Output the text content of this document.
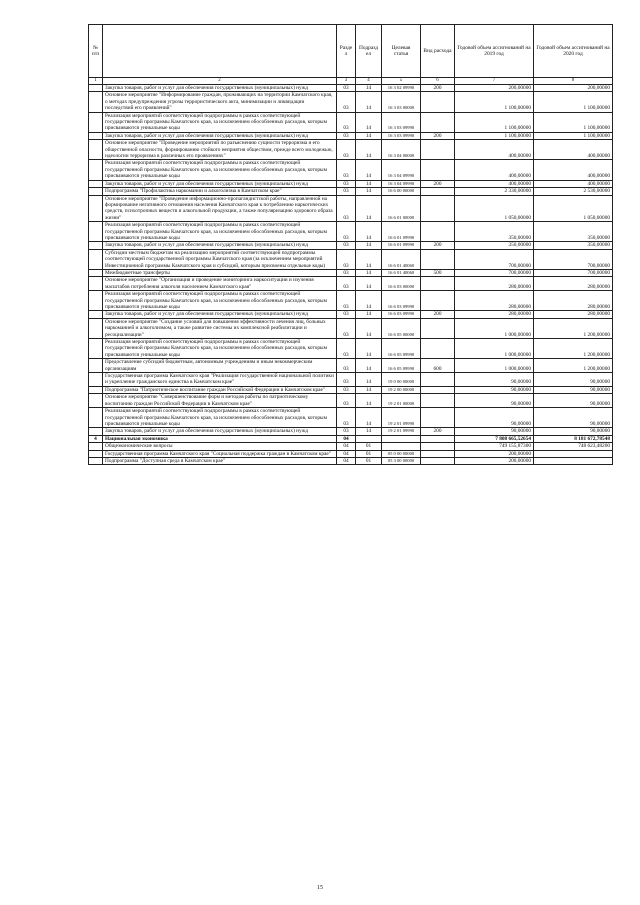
№ п/п		Раздел	Подраздел	Целевая статья	Вид расхода	Годовой объем ассигнований на 2019 год	Годовой объем ассигнований на 2020 год
1	2	3	4	5	6	7	8
	Закупка товаров, работ и услуг для обеспечения государственных (муниципальных) нужд	03	14	16 3 02 09990	200	200,00000	200,00000
	Основное мероприятие "Информирование граждан, проживающих на территории Камчатского края, о методах предупреждения угрозы террористического акта, минимизации и ликвидации последствий его проявлений"	03	14	16 3 03 00000		1 100,00000	1 100,00000
	Реализация мероприятий соответствующей подпрограммы в рамках соответствующей государственной программы Камчатского края, за исключением обособленных расходов, которым присваиваются уникальные коды	03	14	16 3 03 09990		1 100,00000	1 100,00000
	Закупка товаров, работ и услуг для обеспечения государственных (муниципальных) нужд	03	14	16 3 03 09990	200	1 100,00000	1 100,00000
	Основное мероприятие "Проведение мероприятий по разъяснению сущности терроризма и его общественной опасности, формированию стойкого неприятия обществом, прежде всего молодежью, идеологии терроризма в различных его проявлениях"	03	14	16 3 04 00000		400,00000	400,00000
	Реализация мероприятий соответствующей подпрограммы в рамках соответствующей государственной программы Камчатского края, за исключением обособленных расходов, которым присваиваются уникальные коды	03	14	16 3 04 09990		400,00000	400,00000
	Закупка товаров, работ и услуг для обеспечения государственных (муниципальных) нужд	03	14	16 3 04 09990	200	400,00000	400,00000
	Подпрограмма "Профилактика наркомании и алкоголизма в Камчатском крае"	03	14	16 6 00 00000		2 330,00000	2 530,00000
	Основное мероприятие "Проведение информационно-пропагандистской работы, направленной на формирование негативного отношения населения Камчатского края к потреблению наркотических средств, психотропных веществ и алкогольной продукции, а также популяризацию здорового образа жизни"	03	14	16 6 01 00000		1 050,00000	1 050,00000
	Реализация мероприятий соответствующей подпрограммы в рамках соответствующей государственной программы Камчатского края, за исключением обособленных расходов, которым присваиваются уникальные коды	03	14	16 6 01 09990		350,00000	350,00000
	Закупка товаров, работ и услуг для обеспечения государственных (муниципальных) нужд	03	14	16 6 01 09990	200	350,00000	350,00000
	Субсидии местным бюджетам на реализацию мероприятий соответствующей подпрограммы соответствующей государственной программы Камчатского края (за исключением мероприятий Инвестиционной программы Камчатского края и субсидий, которым присвоены отдельные коды)	03	14	16 6 01 40060		700,00000	700,00000
	Межбюджетные трансферты	03	14	16 6 01 40060	500	700,00000	700,00000
	Основное мероприятие "Организация и проведение мониторинга наркоситуации и изучения масштабов потребления алкоголя населением Камчатского края"	03	14	16 6 03 00000		280,00000	280,00000
	Реализация мероприятий соответствующей подпрограммы в рамках соответствующей государственной программы Камчатского края, за исключением обособленных расходов, которым присваиваются уникальные коды	03	14	16 6 03 09990		280,00000	280,00000
	Закупка товаров, работ и услуг для обеспечения государственных (муниципальных) нужд	03	14	16 6 03 09990	200	280,00000	280,00000
	Основное мероприятие "Создание условий для повышения эффективности лечения лиц, больных наркоманией и алкоголизмом, а также развитие системы их комплексной реабилитации и ресоциализации"	03	14	16 6 05 00000		1 000,00000	1 200,00000
	Реализация мероприятий соответствующей подпрограммы в рамках соответствующей государственной программы Камчатского края, за исключением обособленных расходов, которым присваиваются уникальные коды	03	14	16 6 05 09990		1 000,00000	1 200,00000
	Предоставление субсидий бюджетным, автономным учреждениям и иным некоммерческим организациям	03	14	16 6 05 09990	600	1 000,00000	1 200,00000
	Государственная программа Камчатского края "Реализация государственной национальной политики и укрепление гражданского единства в Камчатском крае"	03	14	19 0 00 00000		90,00000	90,00000
	Подпрограмма "Патриотическое воспитание граждан Российской Федерации в Камчатском крае"	03	14	19 2 00 00000		90,00000	90,00000
	Основное мероприятие "Совершенствование форм и методов работы по патриотическому воспитанию граждан Российской Федерации в Камчатском крае"	03	14	19 2 01 00000		90,00000	90,00000
	Реализация мероприятий соответствующей подпрограммы в рамках соответствующей государственной программы Камчатского края, за исключением обособленных расходов, которым присваиваются уникальные коды	03	14	19 2 01 09990		90,00000	90,00000
	Закупка товаров, работ и услуг для обеспечения государственных (муниципальных) нужд	03	14	19 2 01 09990	200	90,00000	90,00000
4	Национальная экономика	04				7 808 665,52654	8 181 672,78548
	Общеэкономические вопросы	04	01			749 155,87300	748 623,48200
	Государственная программа Камчатского края "Социальная поддержка граждан в Камчатском крае"	04	01	05 0 00 00000		200,00000	
	Подпрограмма "Доступная среда в Камчатском крае"	04	01	05 3 00 00000		200,00000	
15
